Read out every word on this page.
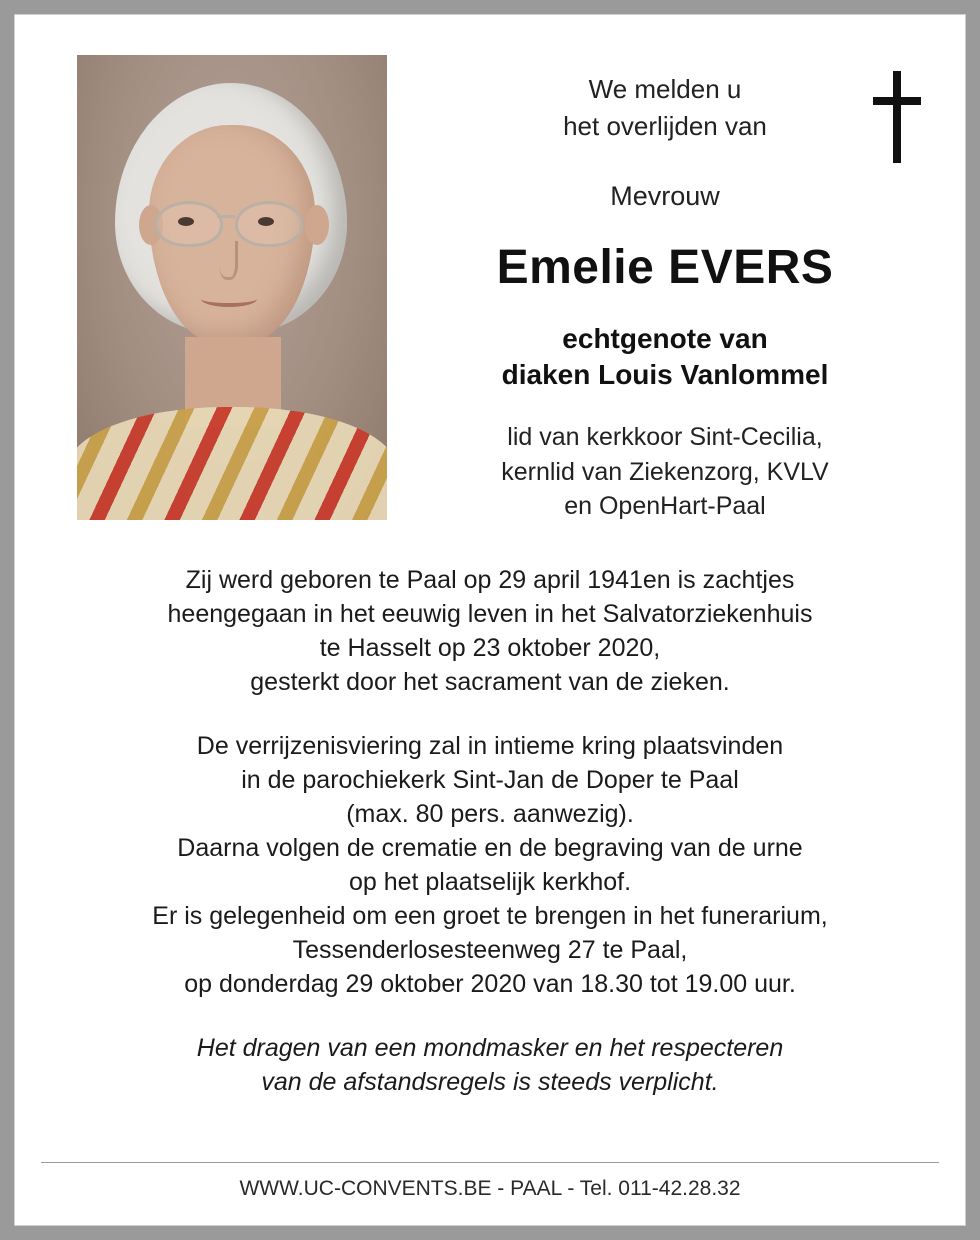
We melden u
het overlijden van
Mevrouw
Emelie EVERS
echtgenote van
diaken Louis Vanlommel
lid van kerkkoor Sint-Cecilia,
kernlid van Ziekenzorg, KVLV
en OpenHart-Paal
Zij werd geboren te Paal op 29 april 1941en is zachtjes
heengegaan in het eeuwig leven in het Salvatorziekenhuis
te Hasselt op 23 oktober 2020,
gesterkt door het sacrament van de zieken.
De verrijzenisviering zal in intieme kring plaatsvinden
in de parochiekerk Sint-Jan de Doper te Paal
(max. 80 pers. aanwezig).
Daarna volgen de crematie en de begraving van de urne
op het plaatselijk kerkhof.
Er is gelegenheid om een groet te brengen in het funerarium,
Tessenderlosesteenweg 27 te Paal,
op donderdag 29 oktober 2020 van 18.30 tot 19.00 uur.
Het dragen van een mondmasker en het respecteren
van de afstandsregels is steeds verplicht.
WWW.UC-CONVENTS.BE - PAAL - Tel. 011-42.28.32
